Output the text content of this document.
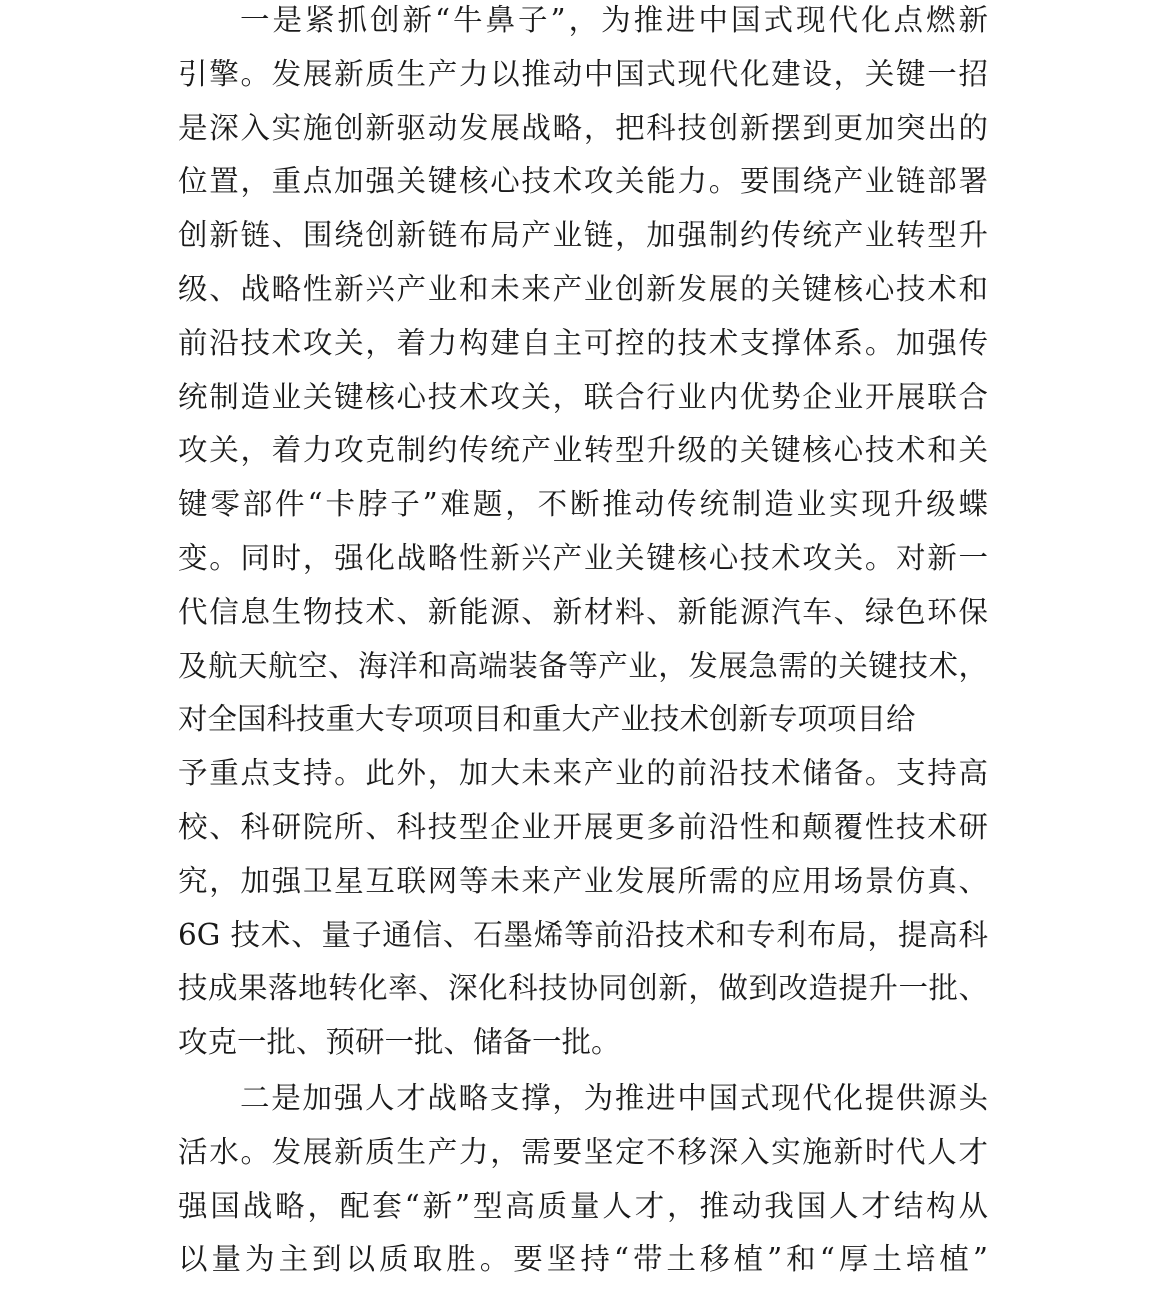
一是紧抓创新“牛鼻子”，为推进中国式现代化点燃新
引擎。发展新质生产力以推动中国式现代化建设，关键一招
是深入实施创新驱动发展战略，把科技创新摆到更加突出的
位置，重点加强关键核心技术攻关能力。要围绕产业链部署
创新链、围绕创新链布局产业链，加强制约传统产业转型升
级、战略性新兴产业和未来产业创新发展的关键核心技术和
前沿技术攻关，着力构建自主可控的技术支撑体系。加强传
统制造业关键核心技术攻关，联合行业内优势企业开展联合
攻关，着力攻克制约传统产业转型升级的关键核心技术和关
键零部件“卡脖子”难题，不断推动传统制造业实现升级蝶
变。同时，强化战略性新兴产业关键核心技术攻关。对新一
代信息生物技术、新能源、新材料、新能源汽车、绿色环保
及航天航空、海洋和高端装备等产业，发展急需的关键技术，
对全国科技重大专项项目和重大产业技术创新专项项目给
予重点支持。此外，加大未来产业的前沿技术储备。支持高
校、科研院所、科技型企业开展更多前沿性和颠覆性技术研
究，加强卫星互联网等未来产业发展所需的应用场景仿真、
6G 技术、量子通信、石墨烯等前沿技术和专利布局，提高科
技成果落地转化率、深化科技协同创新，做到改造提升一批、
攻克一批、预研一批、储备一批。
二是加强人才战略支撑，为推进中国式现代化提供源头
活水。发展新质生产力，需要坚定不移深入实施新时代人才
强国战略，配套“新”型高质量人才，推动我国人才结构从
以量为主到以质取胜。要坚持“带土移植”和“厚土培植”
